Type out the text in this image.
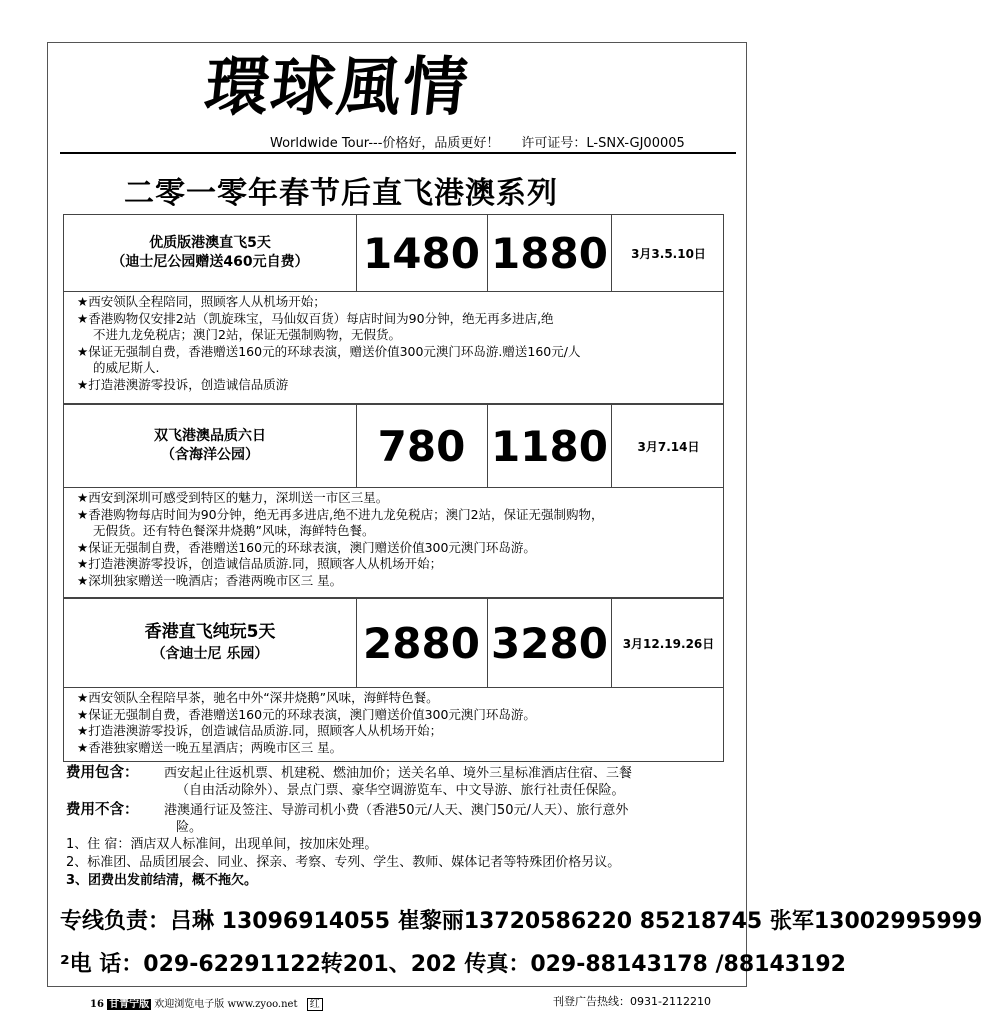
環球風情
Worldwide Tour---价格好，品质更好！ 许可证号：L-SNX-GJ00005
二零一零年春节后直飞港澳系列
优质版港澳直飞5天
（迪士尼公园赠送460元自费） 1480 1880	3月3.5.10日

★西安领队全程陪同，照顾客人从机场开始；

★香港购物仅安排2站（凯旋珠宝，马仙奴百货）每店时间为90分钟，绝无再多进店,绝

不进九龙免税店；澳门2站，保证无强制购物，无假货。

★保证无强制自费，香港赠送160元的环球表演，赠送价值300元澳门环岛游.赠送160元/人

的威尼斯人.

★打造港澳游零投诉，创造诚信品质游

双飞港澳品质六日
（含海洋公园）	780 1180	3月7.14日

★西安到深圳可感受到特区的魅力，深圳送一市区三星。

★香港购物每店时间为90分钟，绝无再多进店,绝不进九龙免税店；澳门2站，保证无强制购物，

无假货。还有特色餐深井烧鹅”风味，海鲜特色餐。

★保证无强制自费，香港赠送160元的环球表演，澳门赠送价值300元澳门环岛游。

★打造港澳游零投诉，创造诚信品质游.同，照顾客人从机场开始；

★深圳独家赠送一晚酒店；香港两晚市区三 星。

香港直飞纯玩5天
（含迪士尼 乐园） 2880 3280	3月12.19.26日

★西安领队全程陪早茶，驰名中外“深井烧鹅”风味，海鲜特色餐。

★保证无强制自费，香港赠送160元的环球表演，澳门赠送价值300元澳门环岛游。

★打造港澳游零投诉，创造诚信品质游.同，照顾客人从机场开始；

★香港独家赠送一晚五星酒店；两晚市区三 星。

费用包含： 西安起止往返机票、机建税、燃油加价；送关名单、境外三星标准酒店住宿、三餐
（自由活动除外）、景点门票、豪华空调游览车、中文导游、旅行社责任保险。
费用不含： 港澳通行证及签注、导游司机小费（香港50元/人天、澳门50元/人天）、旅行意外
险。
1、住 宿：酒店双人标准间，出现单间，按加床处理。
2、标准团、品质团展会、同业、探亲、考察、专列、学生、教师、媒体记者等特殊团价格另议。
3、团费出发前结清，概不拖欠。
专线负责：吕琳 13096914055 崔黎丽13720586220 85218745 张军13002995999
²电 话：029-62291122转201、202 传真：029-88143178 /88143192
16 甘青宁版 欢迎浏览电子版 www.zyoo.net 红	刊登广告热线：0931-2112210
